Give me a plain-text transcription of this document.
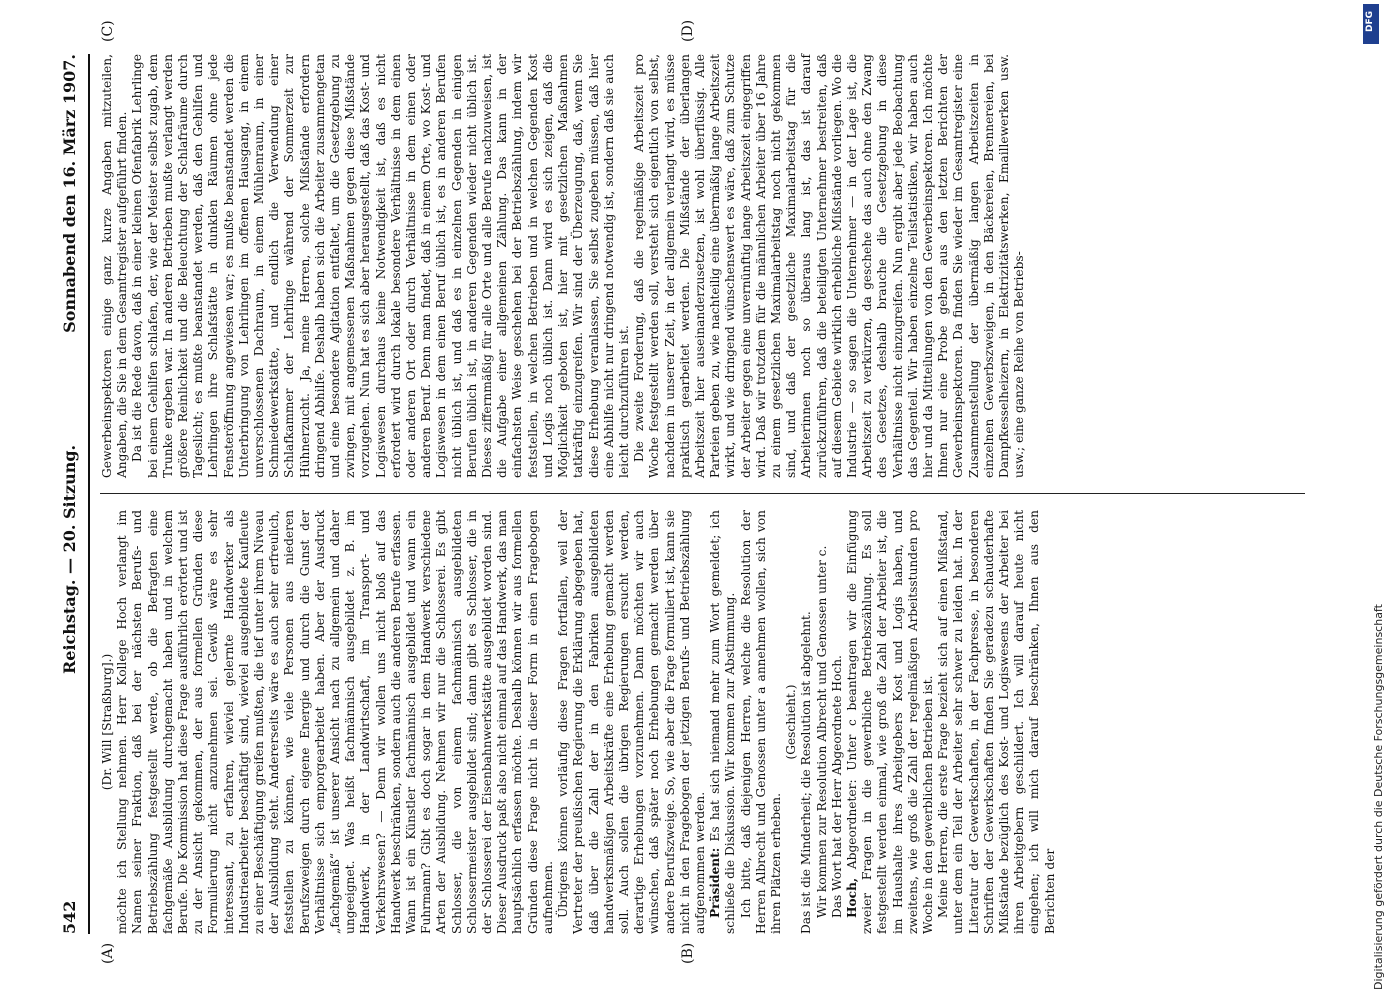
542
Reichstag. — 20. Sitzung.
Sonnabend den 16. März 1907.
(A)	(B)
(C)	(D)

(Dr. Will [Straßburg].) möchte ich Stellung nehmen. Herr Kollege Hoch verlangt im Namen seiner Fraktion, daß bei der nächsten Berufs- und Betriebszählung festgestellt werde, ob die Befragten eine fachgemäße Ausbildung durchgemacht haben und in welchem Berufe. Die Kommission hat diese Frage ausführlich erörtert und ist zu der Ansicht gekommen, der aus formellen Gründen diese Formulierung nicht anzunehmen sei. Gewiß wäre es sehr interessant, zu erfahren, wieviel gelernte Handwerker als Industriearbeiter beschäftigt sind, wieviel ausgebildete Kaufleute zu einer Beschäftigung greifen mußten, die tief unter ihrem Niveau der Ausbildung steht. Andererseits wäre es auch sehr erfreulich, feststellen zu können, wie viele Personen aus niederen Berufszweigen durch eigene Energie und durch die Gunst der Verhältnisse sich emporgearbeitet haben. Aber der Ausdruck „fachgemäß“ ist unserer Ansicht nach zu allgemein und daher ungeeignet. Was heißt fachmännisch ausgebildet z. B. im Handwerk, in der Landwirtschaft, im Transport- und Verkehrswesen? — Denn wir wollen uns nicht bloß auf das Handwerk beschränken, sondern auch die anderen Berufe erfassen. Wann ist ein Künstler fachmännisch ausgebildet und wann ein Fuhrmann? Gibt es doch sogar in dem Handwerk verschiedene Arten der Ausbildung. Nehmen wir nur die Schlosserei. Es gibt Schlosser, die von einem fachmännisch ausgebildeten Schlossermeister ausgebildet sind; dann gibt es Schlosser, die in der Schlosserei der Eisenbahnwerkstätte ausgebildet worden sind. Dieser Ausdruck paßt also nicht einmal auf das Handwerk, das man hauptsächlich erfassen möchte. Deshalb können wir aus formellen Gründen diese Frage nicht in dieser Form in einen Fragebogen aufnehmen. Übrigens können vorläufig diese Fragen fortfallen, weil der Vertreter der preußischen Regierung die Erklärung abgegeben hat, daß über die Zahl der in den Fabriken ausgebildeten handwerksmäßigen Arbeitskräfte eine Erhebung gemacht werden soll. Auch sollen die übrigen Regierungen ersucht werden, derartige Erhebungen vorzunehmen. Dann möchten wir auch wünschen, daß später noch Erhebungen gemacht werden über andere Berufszweige. So, wie aber die Frage formuliert ist, kann sie nicht in den Fragebogen der jetzigen Berufs- und Betriebszählung aufgenommen werden. Präsident: Es hat sich niemand mehr zum Wort gemeldet; ich schließe die Diskussion. Wir kommen zur Abstimmung. Ich bitte, daß diejenigen Herren, welche die Resolution der Herren Albrecht und Genossen unter a annehmen wollen, sich von ihren Plätzen erheben.

(Geschieht.) Das ist die Minderheit; die Resolution ist abgelehnt. Wir kommen zur Resolution Albrecht und Genossen unter c. Das Wort hat der Herr Abgeordnete Hoch. Hoch, Abgeordneter: Unter c beantragen wir die Einfügung zweier Fragen in die gewerbliche Betriebszählung. Es soll festgestellt werden einmal, wie groß die Zahl der Arbeiter ist, die im Haushalte ihres Arbeitgebers Kost und Logis haben, und zweitens, wie groß die Zahl der regelmäßigen Arbeitsstunden pro Woche in den gewerblichen Betrieben ist. Meine Herren, die erste Frage bezieht sich auf einen Mißstand, unter dem ein Teil der Arbeiter sehr schwer zu leiden hat. In der Literatur der Gewerkschaften, in der Fachpresse, in besonderen Schriften der Gewerkschaften finden Sie geradezu schauderhafte Mißstände bezüglich des Kost- und Logiswesens der Arbeiter bei ihren Arbeitgebern geschildert. Ich will darauf heute nicht eingehen; ich will mich darauf beschränken, Ihnen aus den Berichten der

Gewerbeinspektoren einige ganz kurze Angaben mitzuteilen, Angaben, die Sie in dem Gesamtregister aufgeführt finden. Da ist die Rede davon, daß in einer kleinen Ofenfabrik Lehrlinge bei einem Gehilfen schlafen, der, wie der Meister selbst zugab, dem Trunke ergeben war. In anderen Betrieben mußte verlangt werden größere Reinlichkeit und die Beleuchtung der Schlafräume durch Tageslicht; es mußte beanstandet werden, daß den Gehilfen und Lehrlingen ihre Schlafstätte in dunklen Räumen ohne jede Fensteröffnung angewiesen war; es mußte beanstandet werden die Unterbringung von Lehrlingen im offenen Hausgang, in einem unverschlossenen Dachraum, in einem Mühlenraum, in einer Schmiedewerkstätte, und endlich die Verwendung einer Schlafkammer der Lehrlinge während der Sommerzeit zur Hühnerzucht. Ja, meine Herren, solche Mißstände erfordern dringend Abhilfe. Deshalb haben sich die Arbeiter zusammengetan und eine besondere Agitation entfaltet, um die Gesetzgebung zu zwingen, mit angemessenen Maßnahmen gegen diese Mißstände vorzugehen. Nun hat es sich aber herausgestellt, daß das Kost- und Logiswesen durchaus keine Notwendigkeit ist, daß es nicht erfordert wird durch lokale besondere Verhältnisse in dem einen oder anderen Ort oder durch Verhältnisse in dem einen oder anderen Beruf. Denn man findet, daß in einem Orte, wo Kost- und Logiswesen in dem einen Beruf üblich ist, es in anderen Berufen nicht üblich ist, und daß es in einzelnen Gegenden in einigen Berufen üblich ist, in anderen Gegenden wieder nicht üblich ist. Dieses ziffernmäßig für alle Orte und alle Berufe nachzuweisen, ist die Aufgabe einer allgemeinen Zählung. Das kann in der einfachsten Weise geschehen bei der Betriebszählung, indem wir feststellen, in welchen Betrieben und in welchen Gegenden Kost und Logis noch üblich ist. Dann wird es sich zeigen, daß die Möglichkeit geboten ist, hier mit gesetzlichen Maßnahmen tatkräftig einzugreifen. Wir sind der Überzeugung, daß, wenn Sie diese Erhebung veranlassen, Sie selbst zugeben müssen, daß hier eine Abhilfe nicht nur dringend notwendig ist, sondern daß sie auch leicht durchzuführen ist. Die zweite Forderung, daß die regelmäßige Arbeitszeit pro Woche festgestellt werden soll, versteht sich eigentlich von selbst, nachdem in unserer Zeit, in der allgemein verlangt wird, es müsse praktisch gearbeitet werden. Die Mißstände der überlangen Arbeitszeit hier auseinanderzusetzen, ist wohl überflüssig. Alle Parteien geben zu, wie nachteilig eine übermäßig lange Arbeitszeit wirkt, und wie dringend wünschenswert es wäre, daß zum Schutze der Arbeiter gegen eine unvernünftig lange Arbeitszeit eingegriffen wird. Daß wir trotzdem für die männlichen Arbeiter über 16 Jahre zu einem gesetzlichen Maximalarbeitstag noch nicht gekommen sind, und daß der gesetzliche Maximalarbeitstag für die Arbeiterinnen noch so überaus lang ist, das ist darauf zurückzuführen, daß die beteiligten Unternehmer bestreiten, daß auf diesem Gebiete wirklich erhebliche Mißstände vorliegen. Wo die Industrie — so sagen die Unternehmer — in der Lage ist, die Arbeitszeit zu verkürzen, da geschehe das auch ohne den Zwang des Gesetzes, deshalb brauche die Gesetzgebung in diese Verhältnisse nicht einzugreifen. Nun ergibt aber jede Beobachtung das Gegenteil. Wir haben einzelne Teilstatistiken, wir haben auch hier und da Mitteilungen von den Gewerbeinspektoren. Ich möchte Ihnen nur eine Probe geben aus den letzten Berichten der Gewerbeinspektoren. Da finden Sie wieder im Gesamtregister eine Zusammenstellung der übermäßig langen Arbeitszeiten in einzelnen Gewerbszweigen, in den Bäckereien, Brennereien, bei Dampfkesselheizern, in Elektrizitätswerken, Emaillewerken usw. usw.; eine ganze Reihe von Betriebs-

Digitalisierung gefördert durch die Deutsche Forschungsgemeinschaft
DFG
